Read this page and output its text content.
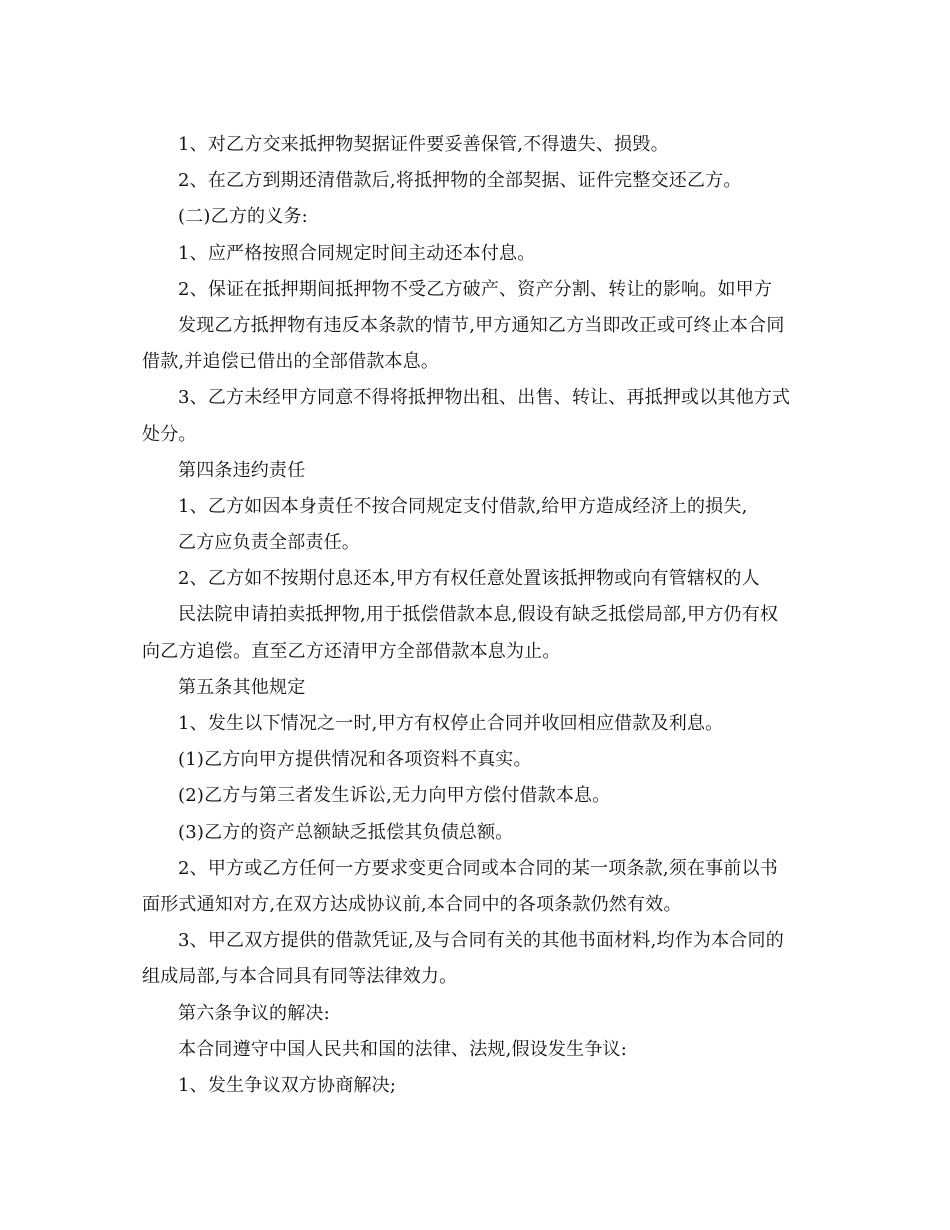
1、对乙方交来抵押物契据证件要妥善保管,不得遗失、损毁。
2、在乙方到期还清借款后,将抵押物的全部契据、证件完整交还乙方。
(二)乙方的义务:
1、应严格按照合同规定时间主动还本付息。
2、保证在抵押期间抵押物不受乙方破产、资产分割、转让的影响。如甲方
发现乙方抵押物有违反本条款的情节,甲方通知乙方当即改正或可终止本合同
借款,并追偿已借出的全部借款本息。
3、乙方未经甲方同意不得将抵押物出租、出售、转让、再抵押或以其他方式
处分。
第四条违约责任
1、乙方如因本身责任不按合同规定支付借款,给甲方造成经济上的损失,
乙方应负责全部责任。
2、乙方如不按期付息还本,甲方有权任意处置该抵押物或向有管辖权的人
民法院申请拍卖抵押物,用于抵偿借款本息,假设有缺乏抵偿局部,甲方仍有权
向乙方追偿。直至乙方还清甲方全部借款本息为止。
第五条其他规定
1、发生以下情况之一时,甲方有权停止合同并收回相应借款及利息。
(1)乙方向甲方提供情况和各项资料不真实。
(2)乙方与第三者发生诉讼,无力向甲方偿付借款本息。
(3)乙方的资产总额缺乏抵偿其负债总额。
2、甲方或乙方任何一方要求变更合同或本合同的某一项条款,须在事前以书
面形式通知对方,在双方达成协议前,本合同中的各项条款仍然有效。
3、甲乙双方提供的借款凭证,及与合同有关的其他书面材料,均作为本合同的
组成局部,与本合同具有同等法律效力。
第六条争议的解决:
本合同遵守中国人民共和国的法律、法规,假设发生争议:
1、发生争议双方协商解决;
